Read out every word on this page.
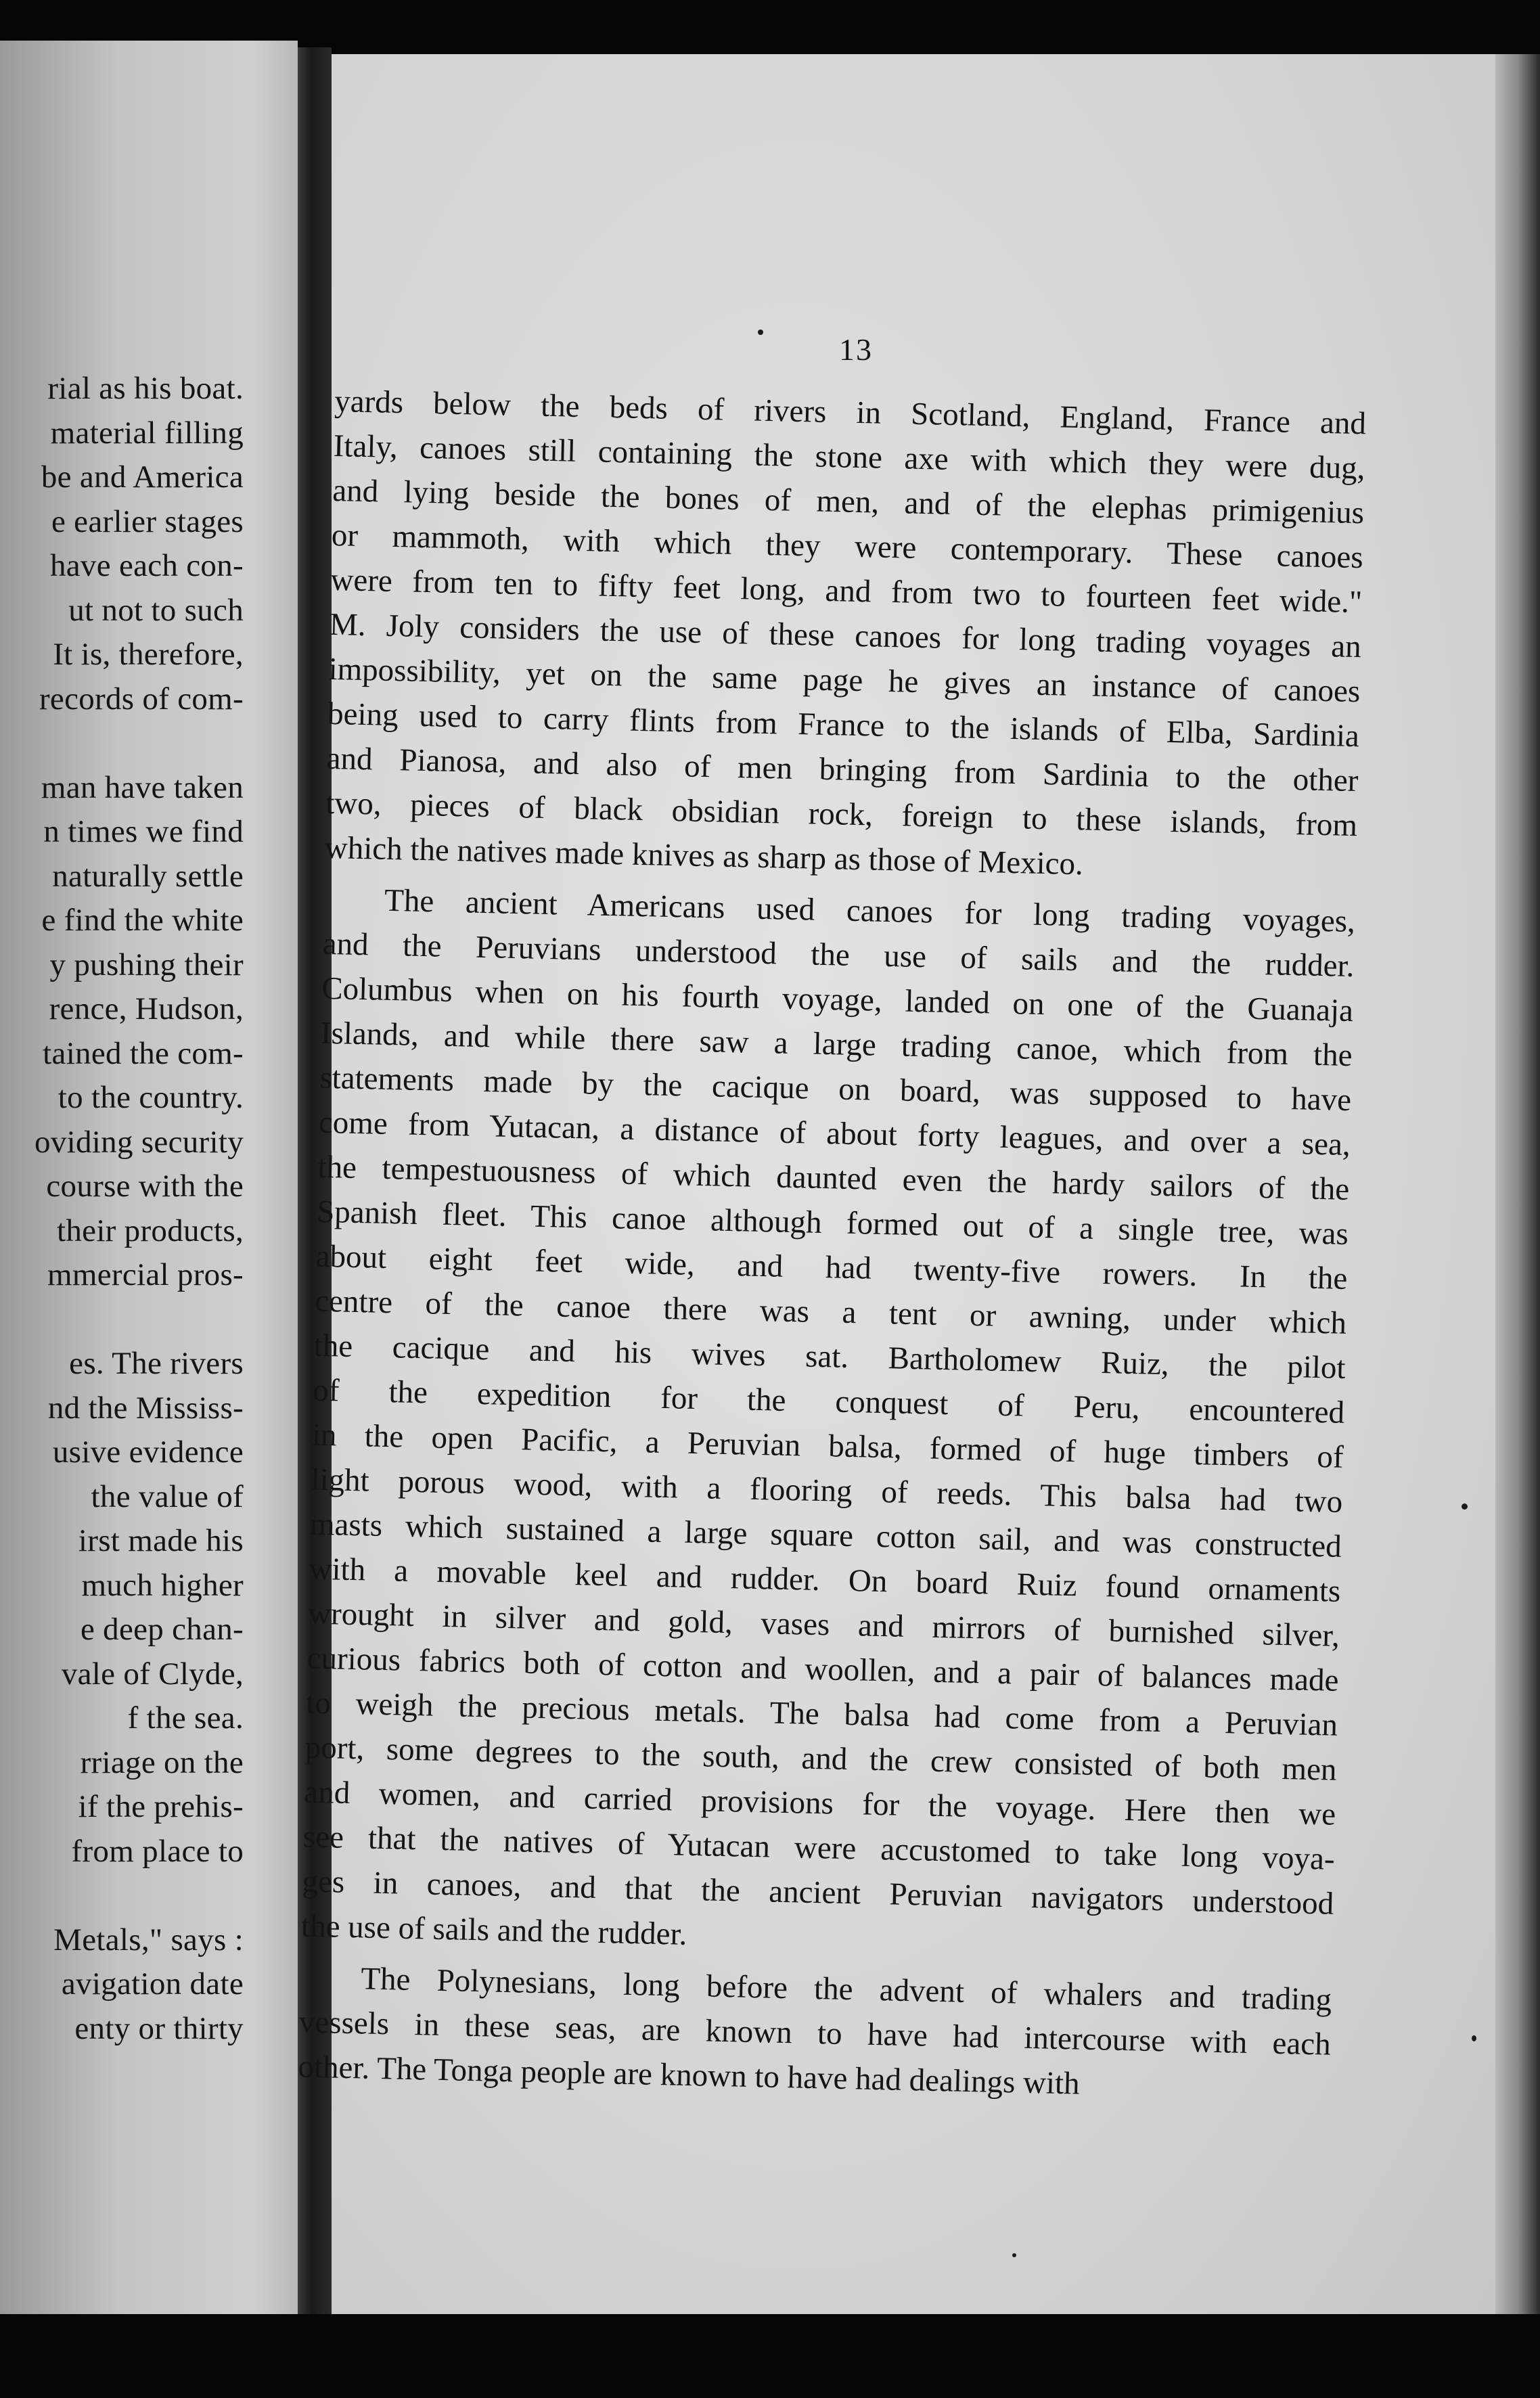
rial as his boat.
material filling
be and America
e earlier stages
have each con-
ut not to such
It is, therefore,
records of com-
man have taken
n times we find
naturally settle
e find the white
y pushing their
rence, Hudson,
tained the com-
to the country.
oviding security
course with the
their products,
mmercial pros-
es. The rivers
nd the Mississ-
usive evidence
the value of
irst made his
much higher
e deep chan-
vale of Clyde,
f the sea.
rriage on the
if the prehis-
from place to
Metals," says :
avigation date
enty or thirty
13
yards below the beds of rivers in Scotland, England, France and
Italy, canoes still containing the stone axe with which they were dug,
and lying beside the bones of men, and of the elephas primigenius
or mammoth, with which they were contemporary. These canoes
were from ten to fifty feet long, and from two to fourteen feet wide."
M. Joly considers the use of these canoes for long trading voyages an
impossibility, yet on the same page he gives an instance of canoes
being used to carry flints from France to the islands of Elba, Sardinia
and Pianosa, and also of men bringing from Sardinia to the other
two, pieces of black obsidian rock, foreign to these islands, from
which the natives made knives as sharp as those of Mexico.
The ancient Americans used canoes for long trading voyages,
and the Peruvians understood the use of sails and the rudder.
Columbus when on his fourth voyage, landed on one of the Guanaja
Islands, and while there saw a large trading canoe, which from the
statements made by the cacique on board, was supposed to have
come from Yutacan, a distance of about forty leagues, and over a sea,
the tempestuousness of which daunted even the hardy sailors of the
Spanish fleet. This canoe although formed out of a single tree, was
about eight feet wide, and had twenty-five rowers. In the
centre of the canoe there was a tent or awning, under which
the cacique and his wives sat. Bartholomew Ruiz, the pilot
of the expedition for the conquest of Peru, encountered
in the open Pacific, a Peruvian balsa, formed of huge timbers of
light porous wood, with a flooring of reeds. This balsa had two
masts which sustained a large square cotton sail, and was constructed
with a movable keel and rudder. On board Ruiz found ornaments
wrought in silver and gold, vases and mirrors of burnished silver,
curious fabrics both of cotton and woollen, and a pair of balances made
to weigh the precious metals. The balsa had come from a Peruvian
port, some degrees to the south, and the crew consisted of both men
and women, and carried provisions for the voyage. Here then we
see that the natives of Yutacan were accustomed to take long voya-
ges in canoes, and that the ancient Peruvian navigators understood
the use of sails and the rudder.
The Polynesians, long before the advent of whalers and trading
vessels in these seas, are known to have had intercourse with each
other. The Tonga people are known to have had dealings with
